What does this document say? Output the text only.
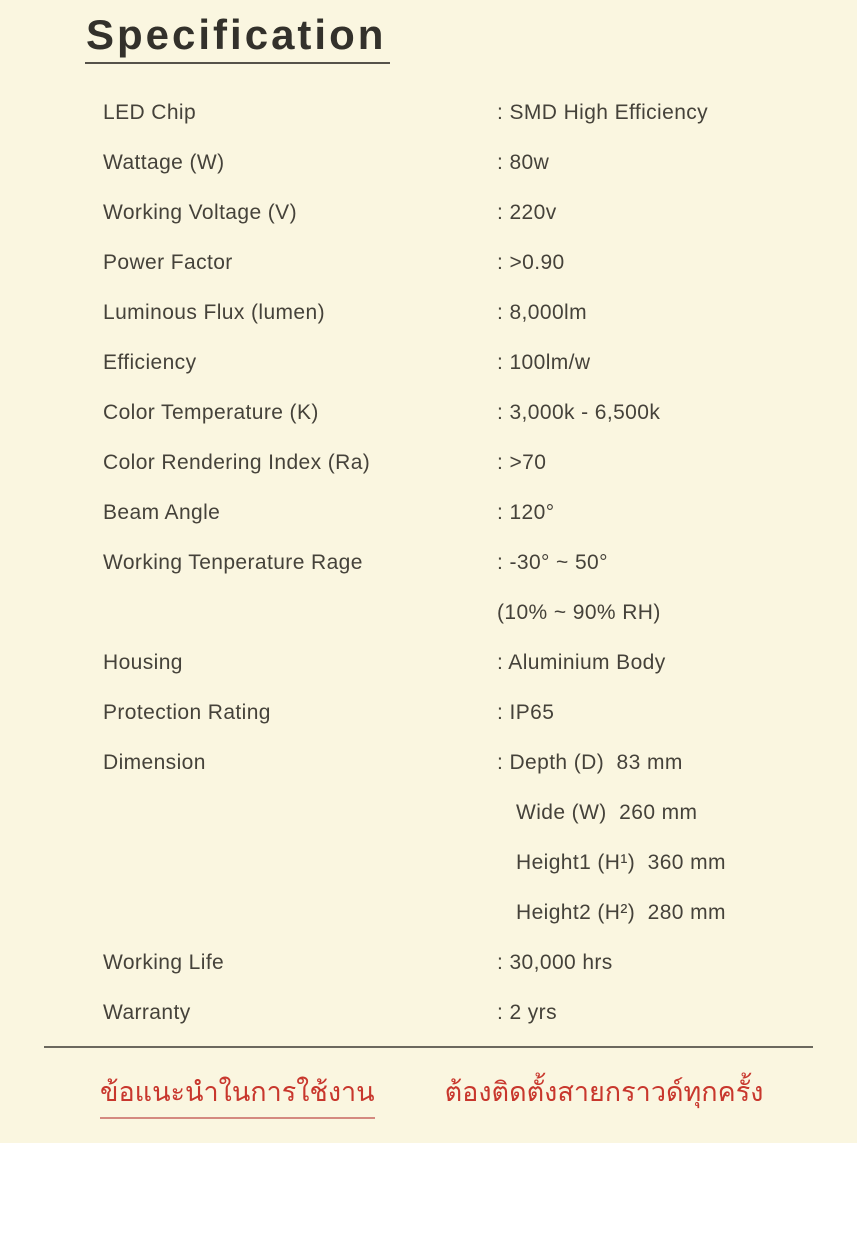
Specification
LED Chip	: SMD High Efficiency
Wattage (W)	: 80w
Working Voltage (V)	: 220v
Power Factor	: >0.90
Luminous Flux (lumen)	: 8,000lm
Efficiency	: 100lm/w
Color Temperature (K)	: 3,000k - 6,500k
Color Rendering Index (Ra)	: >70
Beam Angle	: 120°
Working Tenperature Rage	: -30° ~ 50°
(10% ~ 90% RH)
Housing	: Aluminium Body
Protection Rating	: IP65
Dimension	: Depth (D)  83 mm
Wide (W)  260 mm
Height1 (H¹)  360 mm
Height2 (H²)  280 mm
Working Life	: 30,000 hrs
Warranty	: 2 yrs
ข้อแนะนำในการใช้งาน	ต้องติดตั้งสายกราวด์ทุกครั้ง
